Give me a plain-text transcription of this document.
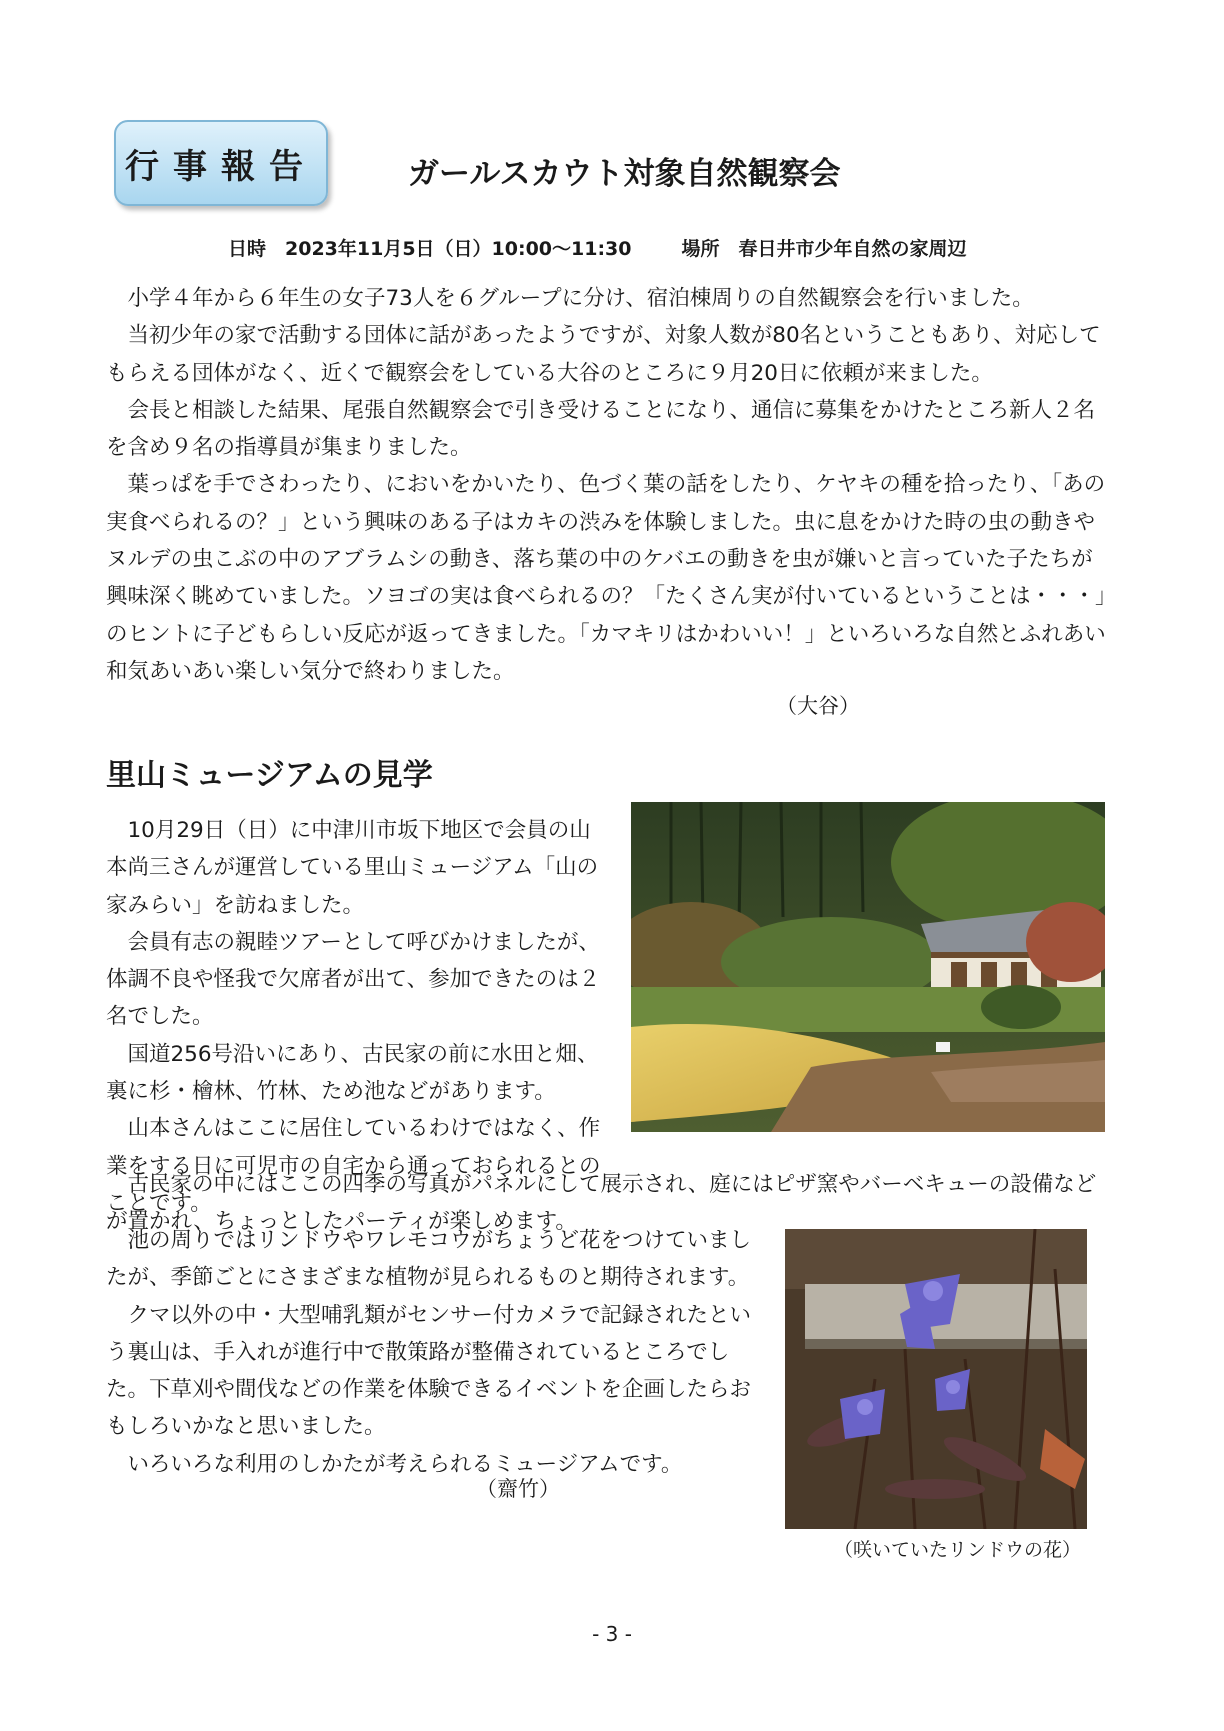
行事報告	ガールスカウト対象自然観察会
日時　2023年11月5日（日）10:00～11:30	場所　春日井市少年自然の家周辺

　小学４年から６年生の女子73人を６グループに分け、宿泊棟周りの自然観察会を行いました。
　当初少年の家で活動する団体に話があったようですが、対象人数が80名ということもあり、対応してもらえる団体がなく、近くで観察会をしている大谷のところに９月20日に依頼が来ました。
　会長と相談した結果、尾張自然観察会で引き受けることになり、通信に募集をかけたところ新人２名を含め９名の指導員が集まりました。
　葉っぱを手でさわったり、においをかいたり、色づく葉の話をしたり、ケヤキの種を拾ったり、「あの実食べられるの？」という興味のある子はカキの渋みを体験しました。虫に息をかけた時の虫の動きやヌルデの虫こぶの中のアブラムシの動き、落ち葉の中のケバエの動きを虫が嫌いと言っていた子たちが興味深く眺めていました。ソヨゴの実は食べられるの？「たくさん実が付いているということは・・・」のヒントに子どもらしい反応が返ってきました。「カマキリはかわいい！」といろいろな自然とふれあい和気あいあい楽しい気分で終わりました。

（大谷）
里山ミュージアムの見学

　10月29日（日）に中津川市坂下地区で会員の山本尚三さんが運営している里山ミュージアム「山の家みらい」を訪ねました。
　会員有志の親睦ツアーとして呼びかけましたが、体調不良や怪我で欠席者が出て、参加できたのは２名でした。
　国道256号沿いにあり、古民家の前に水田と畑、裏に杉・檜林、竹林、ため池などがあります。
　山本さんはここに居住しているわけではなく、作業をする日に可児市の自宅から通っておられるとのことです。

　古民家の中にはここの四季の写真がパネルにして展示され、庭にはピザ窯やバーベキューの設備などが置かれ、ちょっとしたパーティが楽しめます。

　池の周りではリンドウやワレモコウがちょうど花をつけていましたが、季節ごとにさまざまな植物が見られるものと期待されます。
　クマ以外の中・大型哺乳類がセンサー付カメラで記録されたという裏山は、手入れが進行中で散策路が整備されているところでした。下草刈や間伐などの作業を体験できるイベントを企画したらおもしろいかなと思いました。
　いろいろな利用のしかたが考えられるミュージアムです。

（齋竹）
（咲いていたリンドウの花）
- 3 -
